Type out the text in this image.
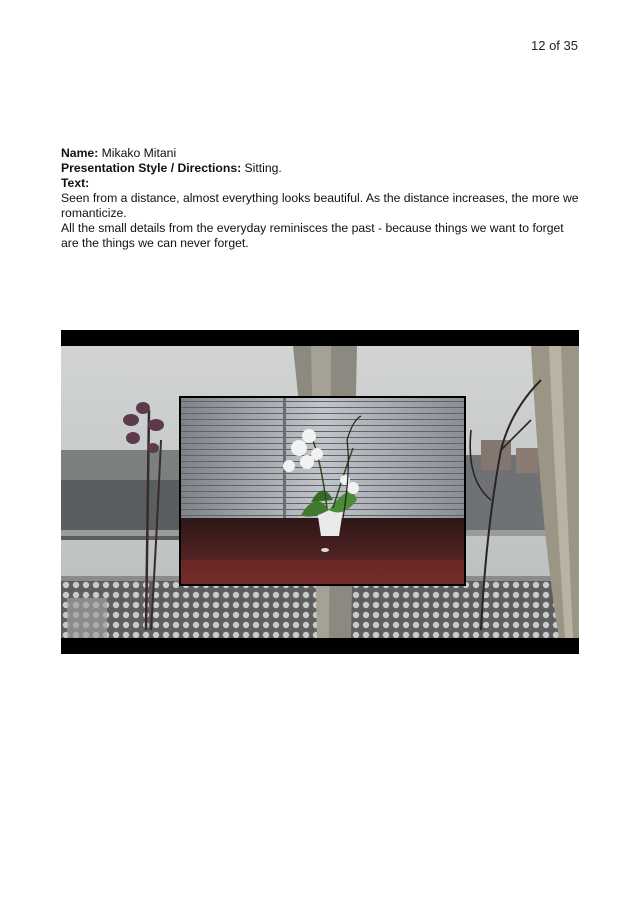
12 of 35

Name: Mikako Mitani

Presentation Style / Directions: Sitting.

Text:

Seen from a distance, almost everything looks beautiful. As the distance increases, the more we romanticize.

All the small details from the everyday reminisces the past - because things we want to forget are the things we can never forget.
